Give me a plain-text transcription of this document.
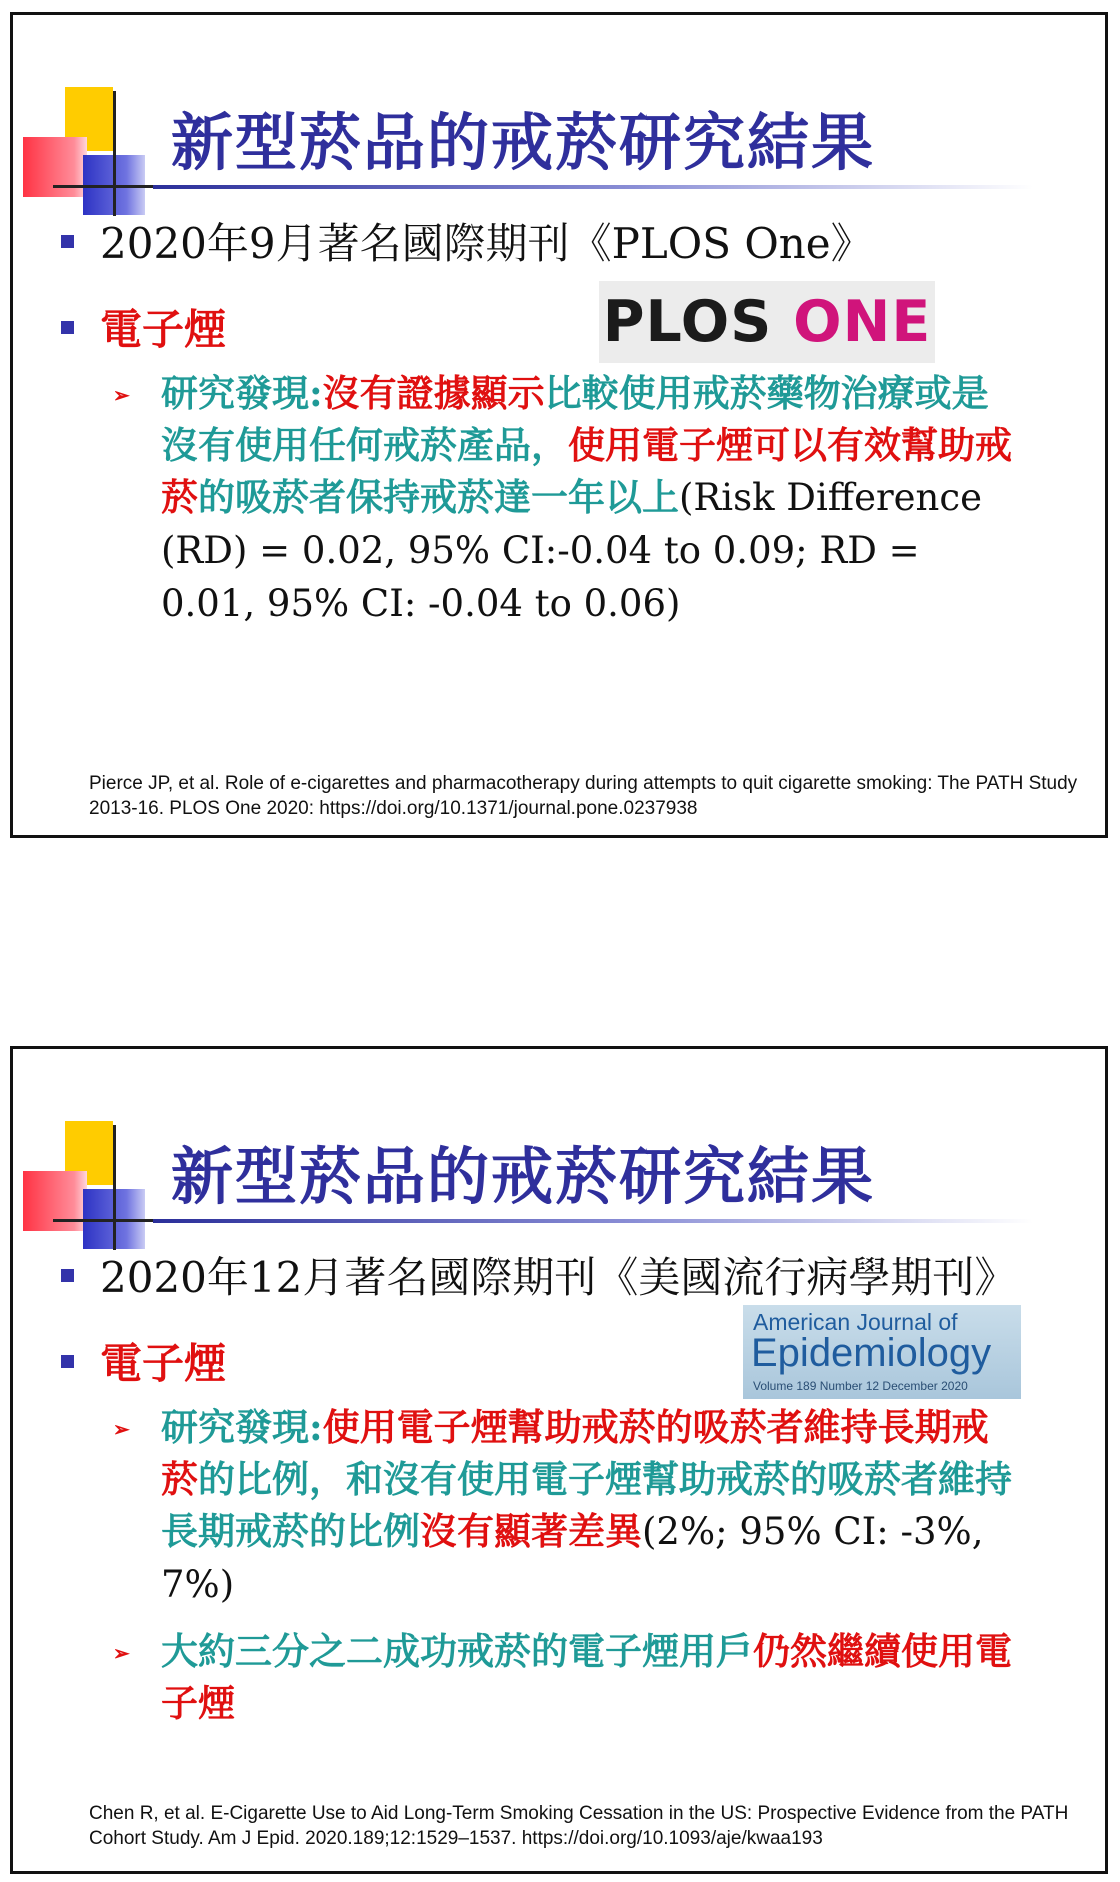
新型菸品的戒菸研究結果
2020年9月著名國際期刊《PLOS One》
電子煙	PLOS ONE
➢ 研究發現:沒有證據顯示比較使用戒菸藥物治療或是沒有使用任何戒菸產品，使用電子煙可以有效幫助戒菸的吸菸者保持戒菸達一年以上(Risk Difference (RD) = 0.02, 95% CI:-0.04 to 0.09; RD = 0.01, 95% CI: -0.04 to 0.06)
Pierce JP, et al. Role of e-cigarettes and pharmacotherapy during attempts to quit cigarette smoking: The PATH Study 2013-16. PLOS One 2020: https://doi.org/10.1371/journal.pone.0237938
新型菸品的戒菸研究結果
2020年12月著名國際期刊《美國流行病學期刊》
電子煙
American Journal of
Epidemiology
Volume 189 Number 12 December 2020
➢ 研究發現:使用電子煙幫助戒菸的吸菸者維持長期戒菸的比例，和沒有使用電子煙幫助戒菸的吸菸者維持長期戒菸的比例沒有顯著差異(2%; 95% CI: -3%, 7%)
➢ 大約三分之二成功戒菸的電子煙用戶仍然繼續使用電子煙
Chen R, et al. E-Cigarette Use to Aid Long-Term Smoking Cessation in the US: Prospective Evidence from the PATH Cohort Study. Am J Epid. 2020.189;12:1529–1537. https://doi.org/10.1093/aje/kwaa193
